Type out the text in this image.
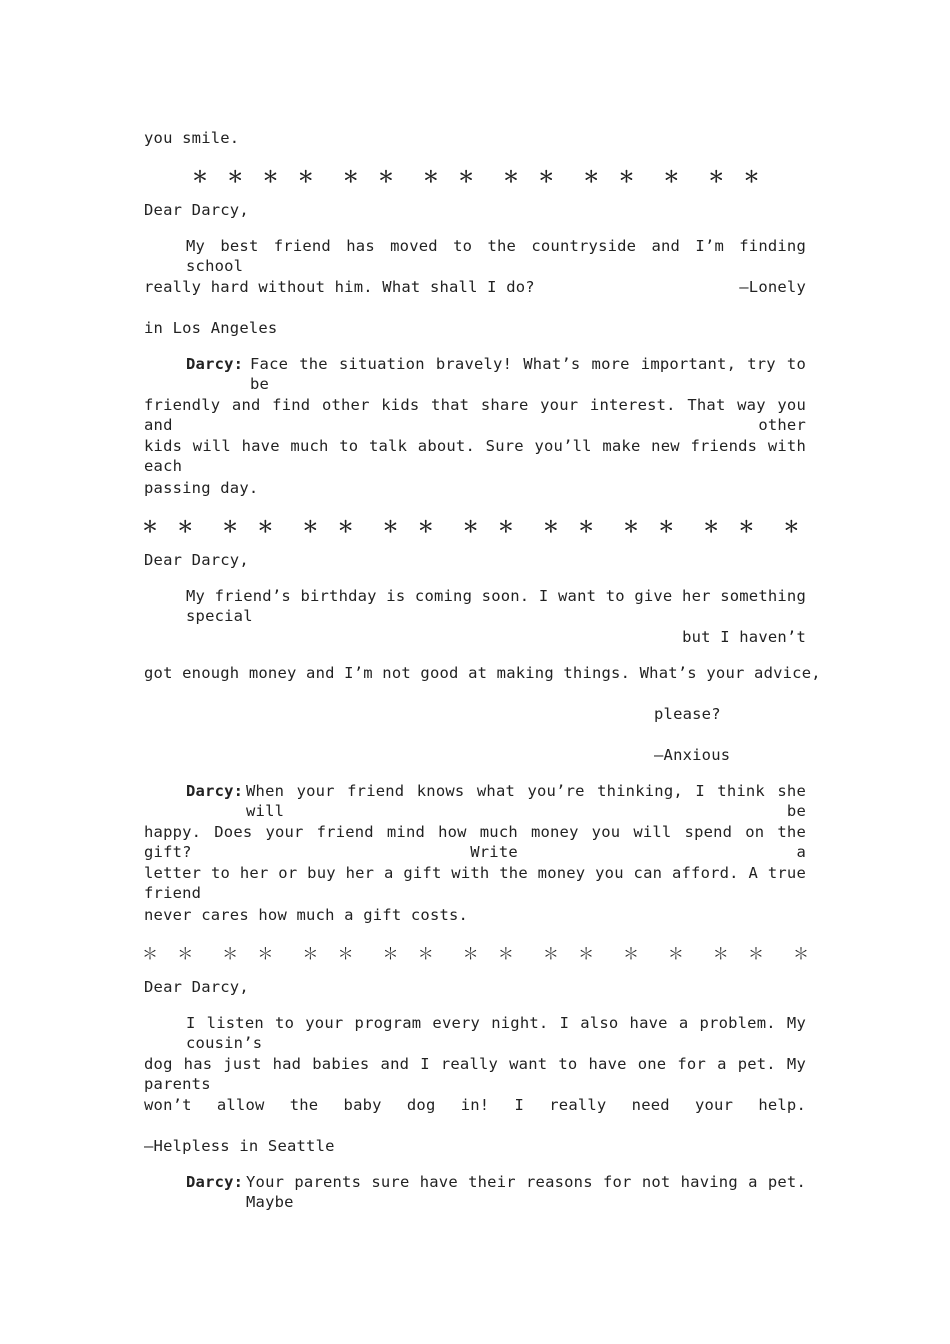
you smile.
＊  ＊  ＊  ＊   ＊  ＊   ＊  ＊   ＊  ＊   ＊  ＊   ＊   ＊  ＊
Dear Darcy,
My best friend has moved to the countryside and I’m finding school
really hard without him. What shall I do?	—Lonely
in Los Angeles
Darcy: Face the situation bravely! What’s more important, try to be
friendly and find other kids that share your interest. That way you and other
kids will have much to talk about. Sure you’ll make new friends with each
passing day.
＊  ＊   ＊  ＊   ＊  ＊   ＊  ＊   ＊  ＊   ＊  ＊   ＊  ＊   ＊  ＊   ＊
Dear Darcy,
My friend’s birthday is coming soon. I want to give her something special
but I haven’t
got enough money and I’m not good at making things. What’s your advice,
please?
—Anxious
Darcy: When your friend knows what you’re thinking, I think she will be
happy. Does your friend mind how much money you will spend on the gift? Write a
letter to her or buy her a gift with the money you can afford. A true friend
never cares how much a gift costs.
＊  ＊   ＊  ＊   ＊  ＊   ＊  ＊   ＊  ＊   ＊  ＊   ＊   ＊   ＊  ＊   ＊
Dear Darcy,
I listen to your program every night. I also have a problem. My cousin’s
dog has just had babies and I really want to have one for a pet. My parents
won’t allow the baby dog in! I really need your help.
—Helpless in Seattle
Darcy: Your parents sure have their reasons for not having a pet. Maybe
